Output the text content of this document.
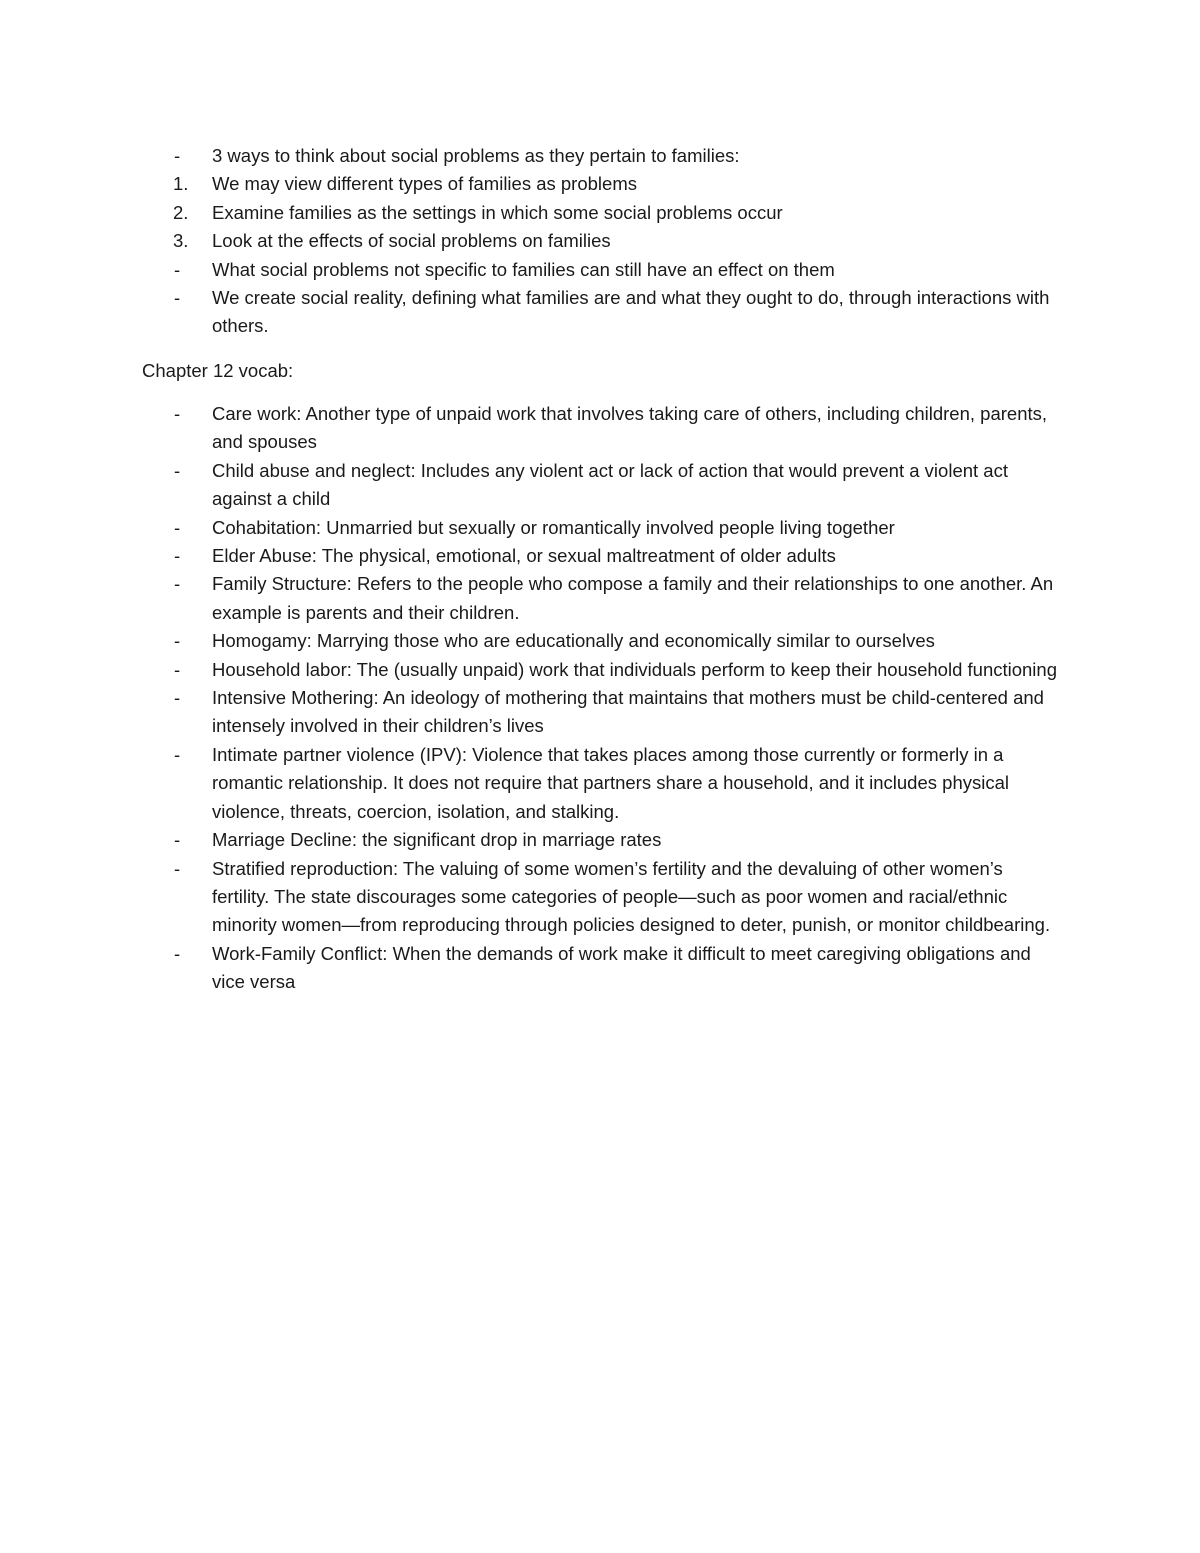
- 3 ways to think about social problems as they pertain to families:
1. We may view different types of families as problems
2. Examine families as the settings in which some social problems occur
3. Look at the effects of social problems on families
- What social problems not specific to families can still have an effect on them
- We create social reality, defining what families are and what they ought to do, through interactions with others.
Chapter 12 vocab:
- Care work: Another type of unpaid work that involves taking care of others, including children, parents, and spouses
- Child abuse and neglect: Includes any violent act or lack of action that would prevent a violent act against a child
- Cohabitation: Unmarried but sexually or romantically involved people living together
- Elder Abuse: The physical, emotional, or sexual maltreatment of older adults
- Family Structure: Refers to the people who compose a family and their relationships to one another. An example is parents and their children.
- Homogamy: Marrying those who are educationally and economically similar to ourselves
- Household labor: The (usually unpaid) work that individuals perform to keep their household functioning
- Intensive Mothering: An ideology of mothering that maintains that mothers must be child-centered and intensely involved in their children’s lives
- Intimate partner violence (IPV): Violence that takes places among those currently or formerly in a romantic relationship. It does not require that partners share a household, and it includes physical violence, threats, coercion, isolation, and stalking.
- Marriage Decline: the significant drop in marriage rates
- Stratified reproduction: The valuing of some women’s fertility and the devaluing of other women’s fertility. The state discourages some categories of people—such as poor women and racial/ethnic minority women—from reproducing through policies designed to deter, punish, or monitor childbearing.
- Work-Family Conflict: When the demands of work make it difficult to meet caregiving obligations and vice versa
